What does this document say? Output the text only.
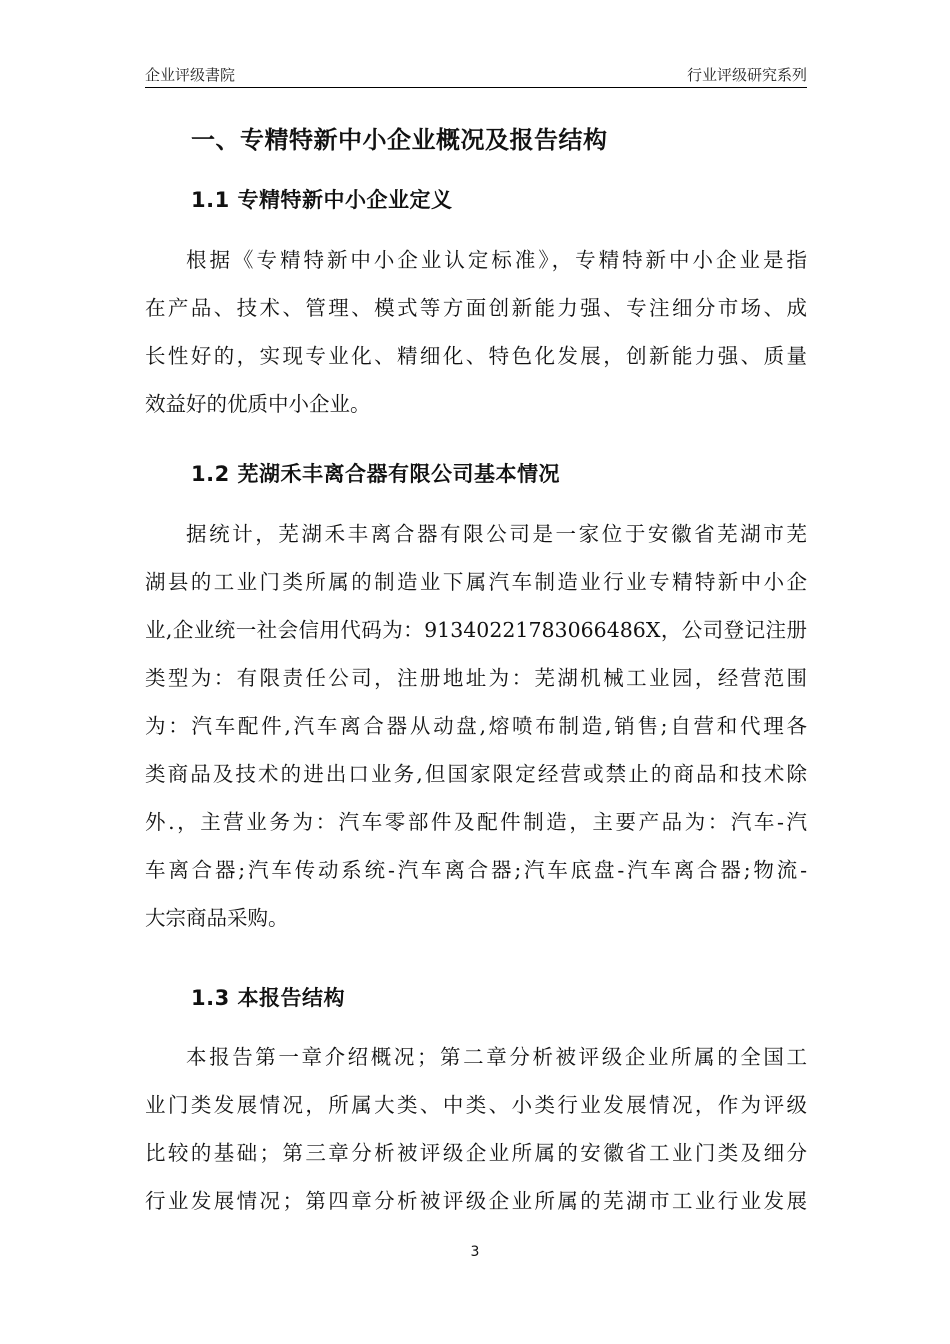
企业评级書院	行业评级研究系列
一、专精特新中小企业概况及报告结构
1.1 专精特新中小企业定义
根据《专精特新中小企业认定标准》，专精特新中小企业是指
在产品、技术、管理、模式等方面创新能力强、专注细分市场、成
长性好的，实现专业化、精细化、特色化发展，创新能力强、质量
效益好的优质中小企业。
1.2 芜湖禾丰离合器有限公司基本情况
据统计，芜湖禾丰离合器有限公司是一家位于安徽省芜湖市芜
湖县的工业门类所属的制造业下属汽车制造业行业专精特新中小企
业,企业统一社会信用代码为：91340221783066486X，公司登记注册
类型为：有限责任公司，注册地址为：芜湖机械工业园，经营范围
为：汽车配件,汽车离合器从动盘,熔喷布制造,销售;自营和代理各
类商品及技术的进出口业务,但国家限定经营或禁止的商品和技术除
外.，主营业务为：汽车零部件及配件制造，主要产品为：汽车-汽
车离合器;汽车传动系统-汽车离合器;汽车底盘-汽车离合器;物流-
大宗商品采购。
1.3 本报告结构
本报告第一章介绍概况；第二章分析被评级企业所属的全国工
业门类发展情况，所属大类、中类、小类行业发展情况，作为评级
比较的基础；第三章分析被评级企业所属的安徽省工业门类及细分
行业发展情况；第四章分析被评级企业所属的芜湖市工业行业发展
3
